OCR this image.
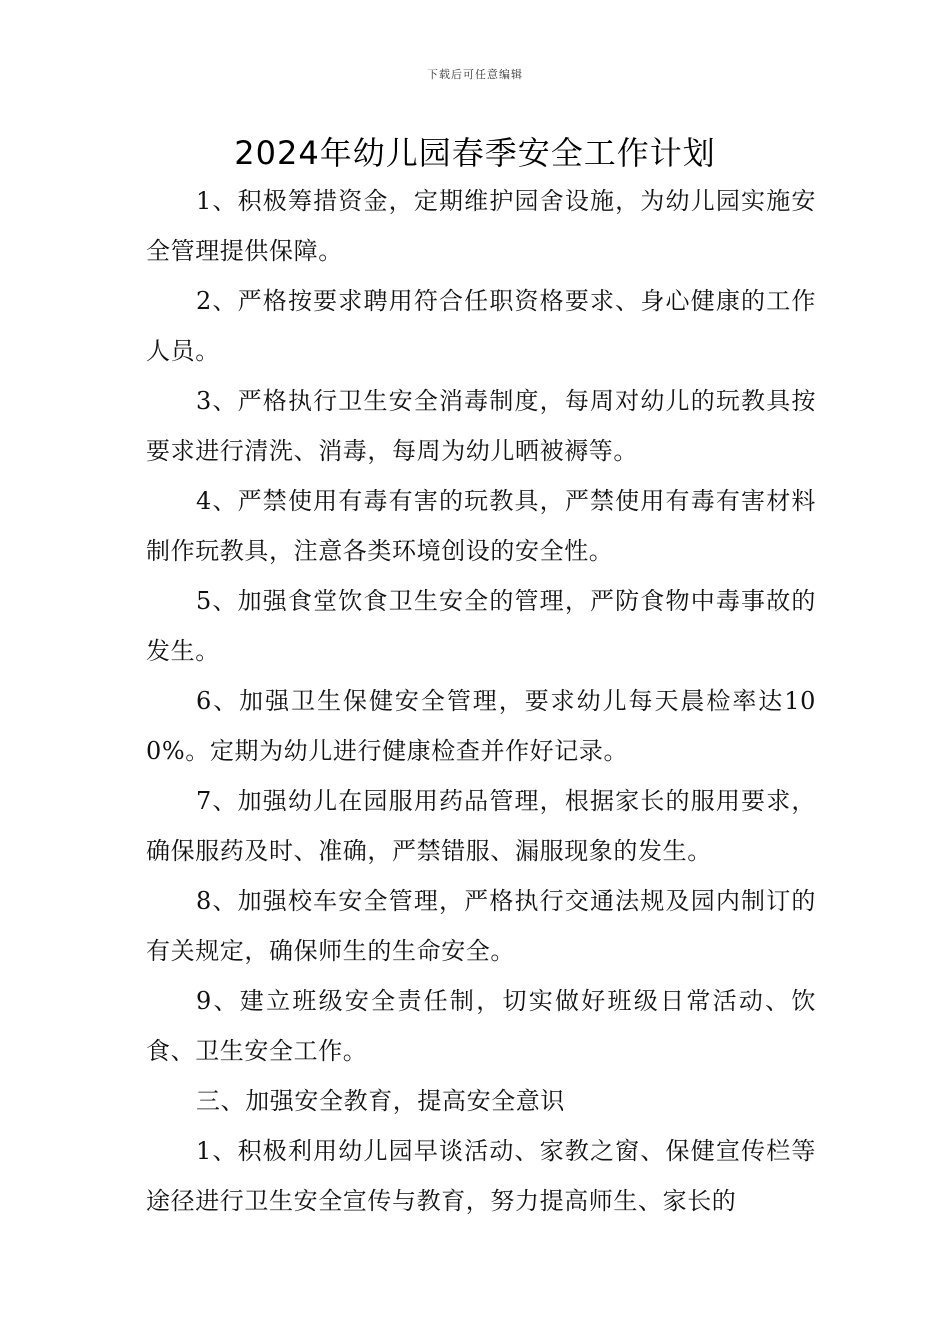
下载后可任意编辑
2024年幼儿园春季安全工作计划

1、积极筹措资金，定期维护园舍设施，为幼儿园实施安全管理提供保障。

2、严格按要求聘用符合任职资格要求、身心健康的工作人员。

3、严格执行卫生安全消毒制度，每周对幼儿的玩教具按要求进行清洗、消毒，每周为幼儿晒被褥等。

4、严禁使用有毒有害的玩教具，严禁使用有毒有害材料制作玩教具，注意各类环境创设的安全性。

5、加强食堂饮食卫生安全的管理，严防食物中毒事故的发生。

6、加强卫生保健安全管理，要求幼儿每天晨检率达100%。定期为幼儿进行健康检查并作好记录。

7、加强幼儿在园服用药品管理，根据家长的服用要求，确保服药及时、准确，严禁错服、漏服现象的发生。

8、加强校车安全管理，严格执行交通法规及园内制订的有关规定，确保师生的生命安全。

9、建立班级安全责任制，切实做好班级日常活动、饮食、卫生安全工作。

三、加强安全教育，提高安全意识

1、积极利用幼儿园早谈活动、家教之窗、保健宣传栏等途径进行卫生安全宣传与教育，努力提高师生、家长的
